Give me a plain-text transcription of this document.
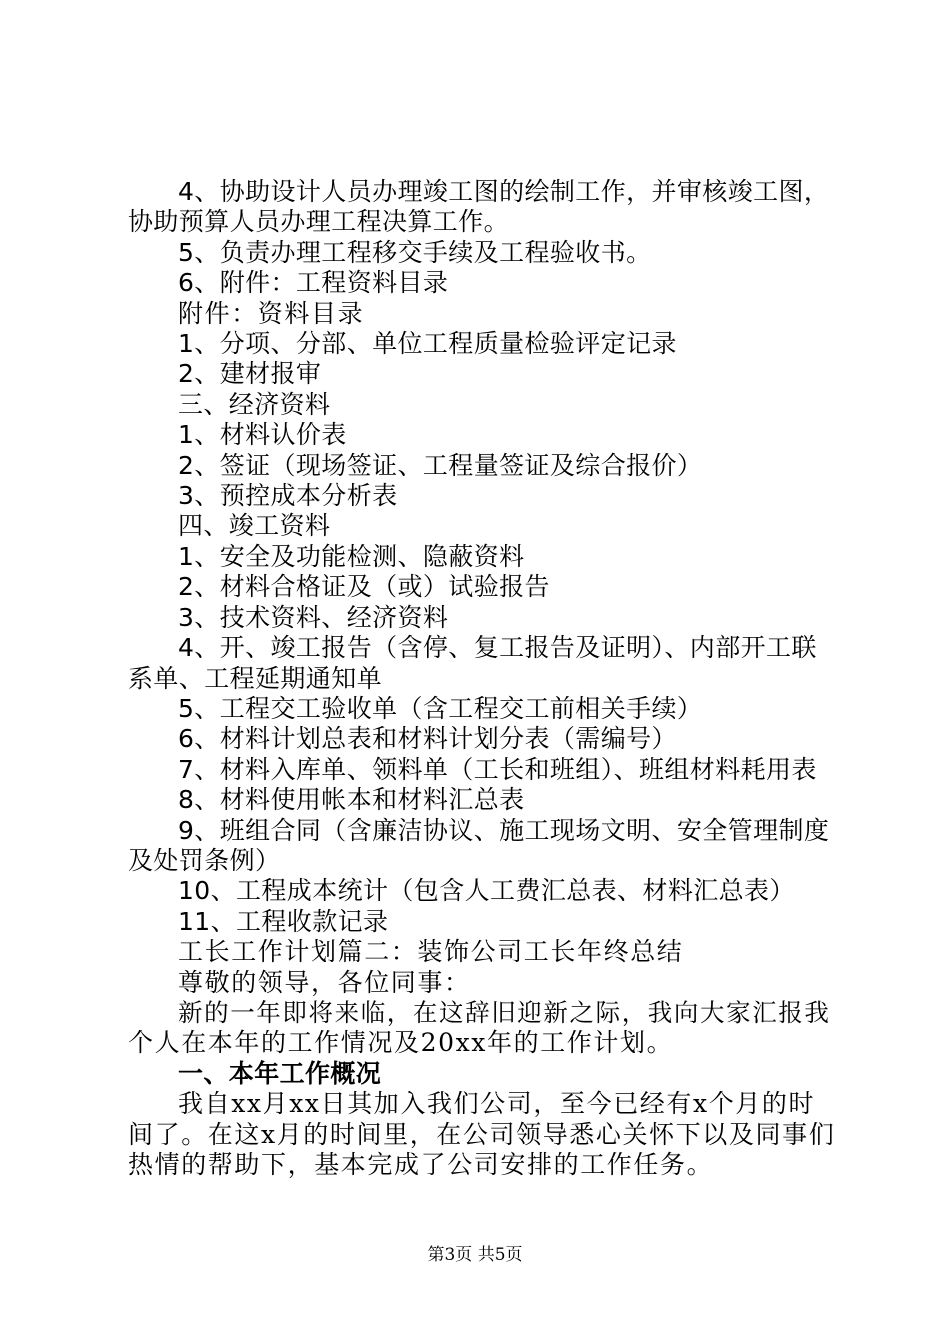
4、协助设计人员办理竣工图的绘制工作，并审核竣工图，
协助预算人员办理工程决算工作。
5、负责办理工程移交手续及工程验收书。
6、附件：工程资料目录
附件：资料目录
1、分项、分部、单位工程质量检验评定记录
2、建材报审
三、经济资料
1、材料认价表
2、签证（现场签证、工程量签证及综合报价）
3、预控成本分析表
四、竣工资料
1、安全及功能检测、隐蔽资料
2、材料合格证及（或）试验报告
3、技术资料、经济资料
4、开、竣工报告（含停、复工报告及证明）、内部开工联
系单、工程延期通知单
5、工程交工验收单（含工程交工前相关手续）
6、材料计划总表和材料计划分表（需编号）
7、材料入库单、领料单（工长和班组）、班组材料耗用表
8、材料使用帐本和材料汇总表
9、班组合同（含廉洁协议、施工现场文明、安全管理制度
及处罚条例）
10、工程成本统计（包含人工费汇总表、材料汇总表）
11、工程收款记录
工长工作计划篇二：装饰公司工长年终总结
尊敬的领导，各位同事：
新的一年即将来临，在这辞旧迎新之际，我向大家汇报我
个人在本年的工作情况及20xx年的工作计划。
一、本年工作概况
我自xx月xx日其加入我们公司，至今已经有x个月的时
间了。在这x月的时间里，在公司领导悉心关怀下以及同事们
热情的帮助下，基本完成了公司安排的工作任务。
第3页 共5页
